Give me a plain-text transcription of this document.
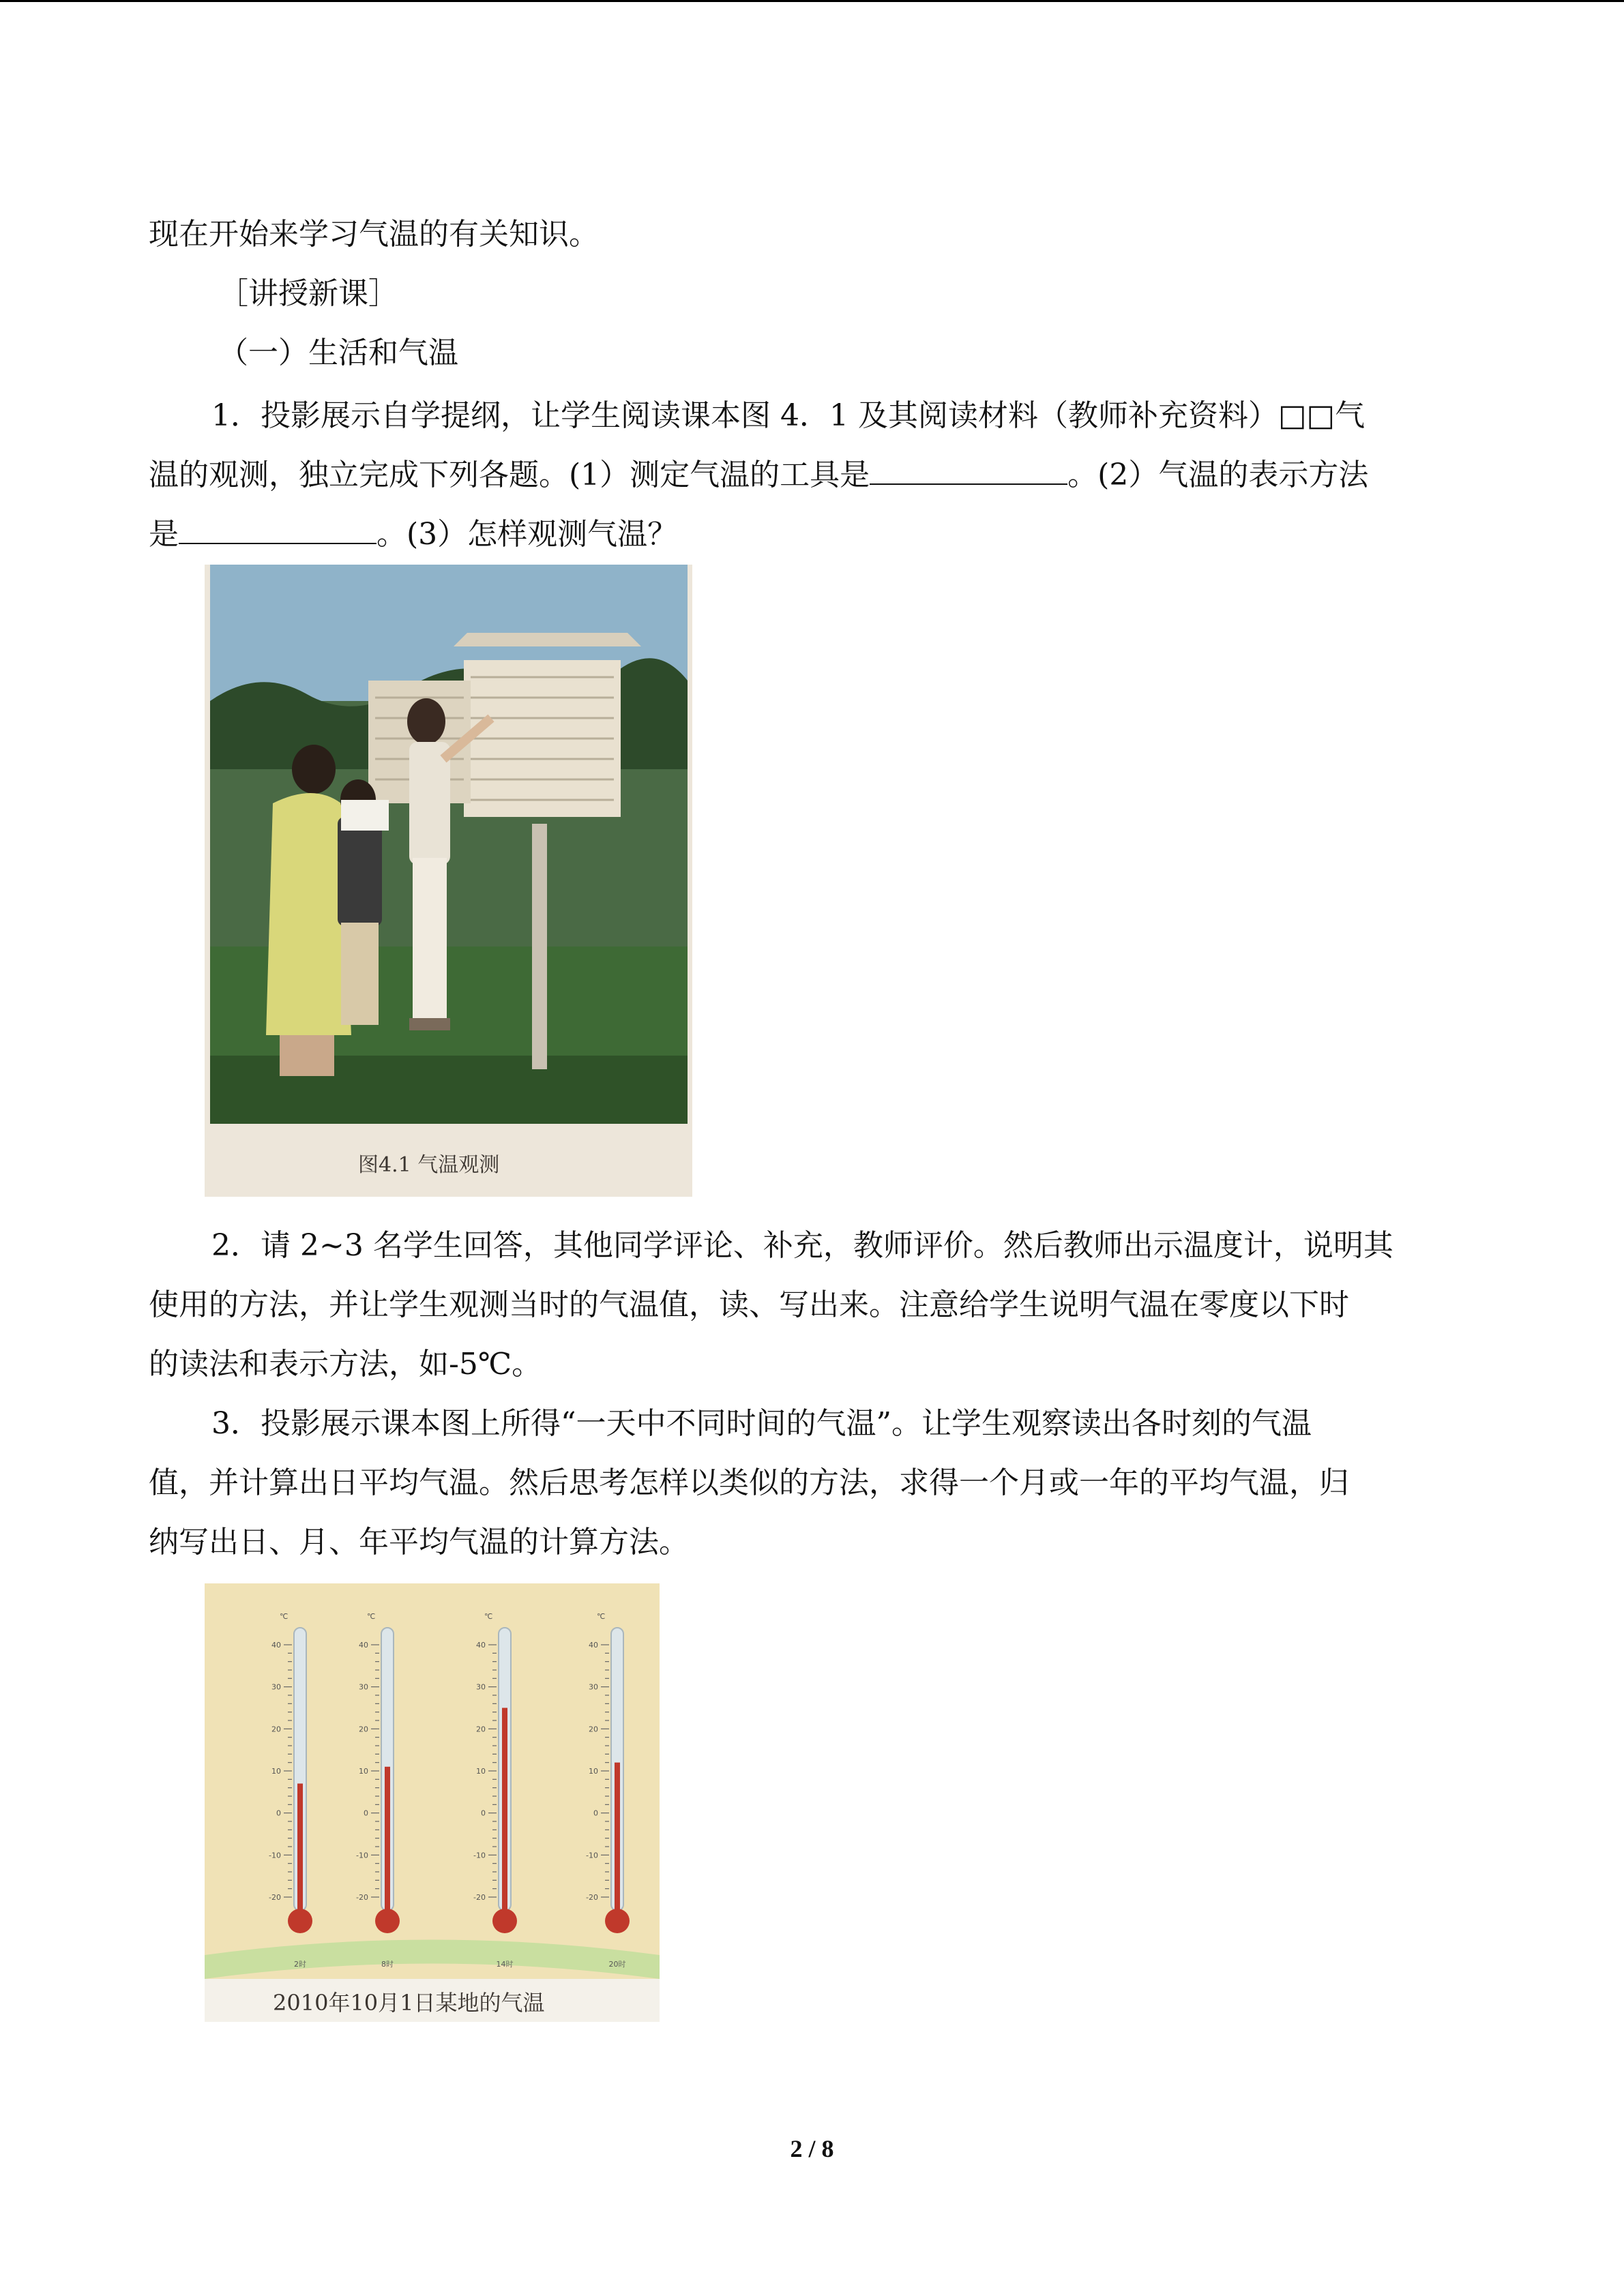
现在开始来学习气温的有关知识。

［讲授新课］

（一）生活和气温

1．投影展示自学提纲，让学生阅读课本图 4．1 及其阅读材料（教师补充资料）□□气

温的观测，独立完成下列各题。(1）测定气温的工具是	。(2）气温的表示方法

是	。(3）怎样观测气温？

图4.1 气温观测

2．请 2~3 名学生回答，其他同学评论、补充，教师评价。然后教师出示温度计，说明其

使用的方法，并让学生观测当时的气温值，读、写出来。注意给学生说明气温在零度以下时

的读法和表示方法，如-5℃。

3．投影展示课本图上所得“一天中不同时间的气温”。让学生观察读出各时刻的气温

值，并计算出日平均气温。然后思考怎样以类似的方法，求得一个月或一年的平均气温，归

纳写出日、月、年平均气温的计算方法。

40
30
20
10
0
-10
-20
℃
2时
40
30
20
10
0
-10
-20
℃
8时
40
30
20
10
0
-10
-20
℃
14时
40
30
20
10
0
-10
-20
℃
20时
2010年10月1日某地的气温
2 / 8
